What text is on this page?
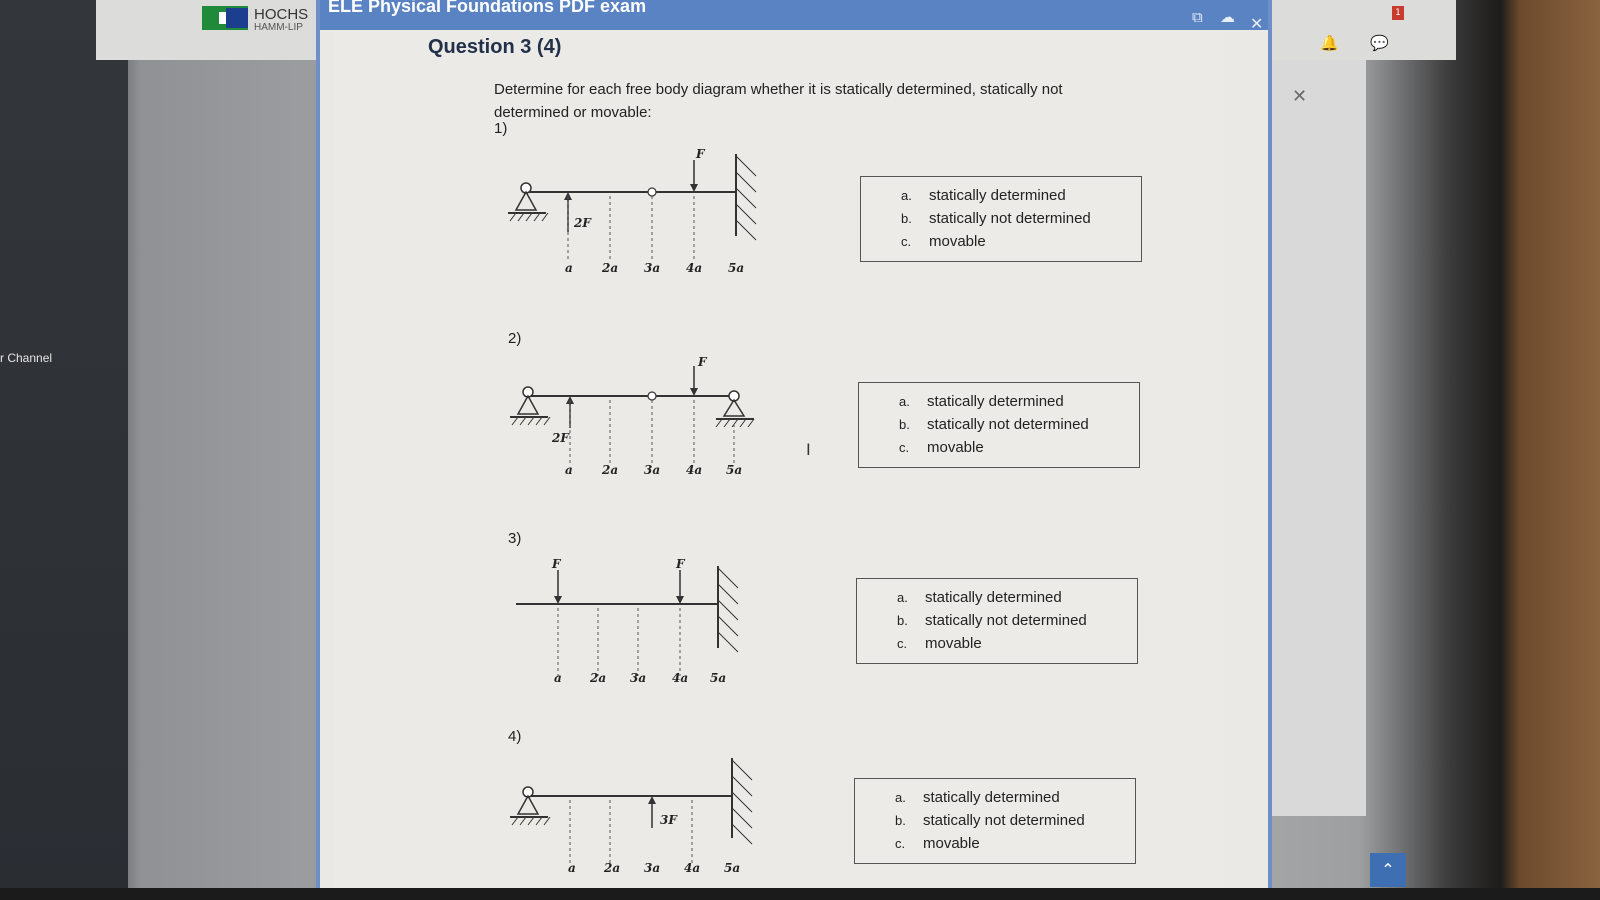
r Channel
HOCHS
HAMM-LIP
1
🔔 💬
✕
ELE Physical Foundations PDF exam
⧉ ☁ ✕
Question 3 (4)
Determine for each free body diagram whether it is statically determined, statically not determined or movable:
1)
F
2F
a 2a 3a 4a 5a
a.	statically determined
b.	statically not determined
c.	movable
2)
F
2F
a 2a 3a 4a 5a
a.	statically determined
b.	statically not determined
c.	movable
3)
F	F
a 2a 3a 4a 5a
a.	statically determined
b.	statically not determined
c.	movable
4)
3F
a 2a 3a 4a 5a
a.	statically determined
b.	statically not determined
c.	movable
I
⌃
